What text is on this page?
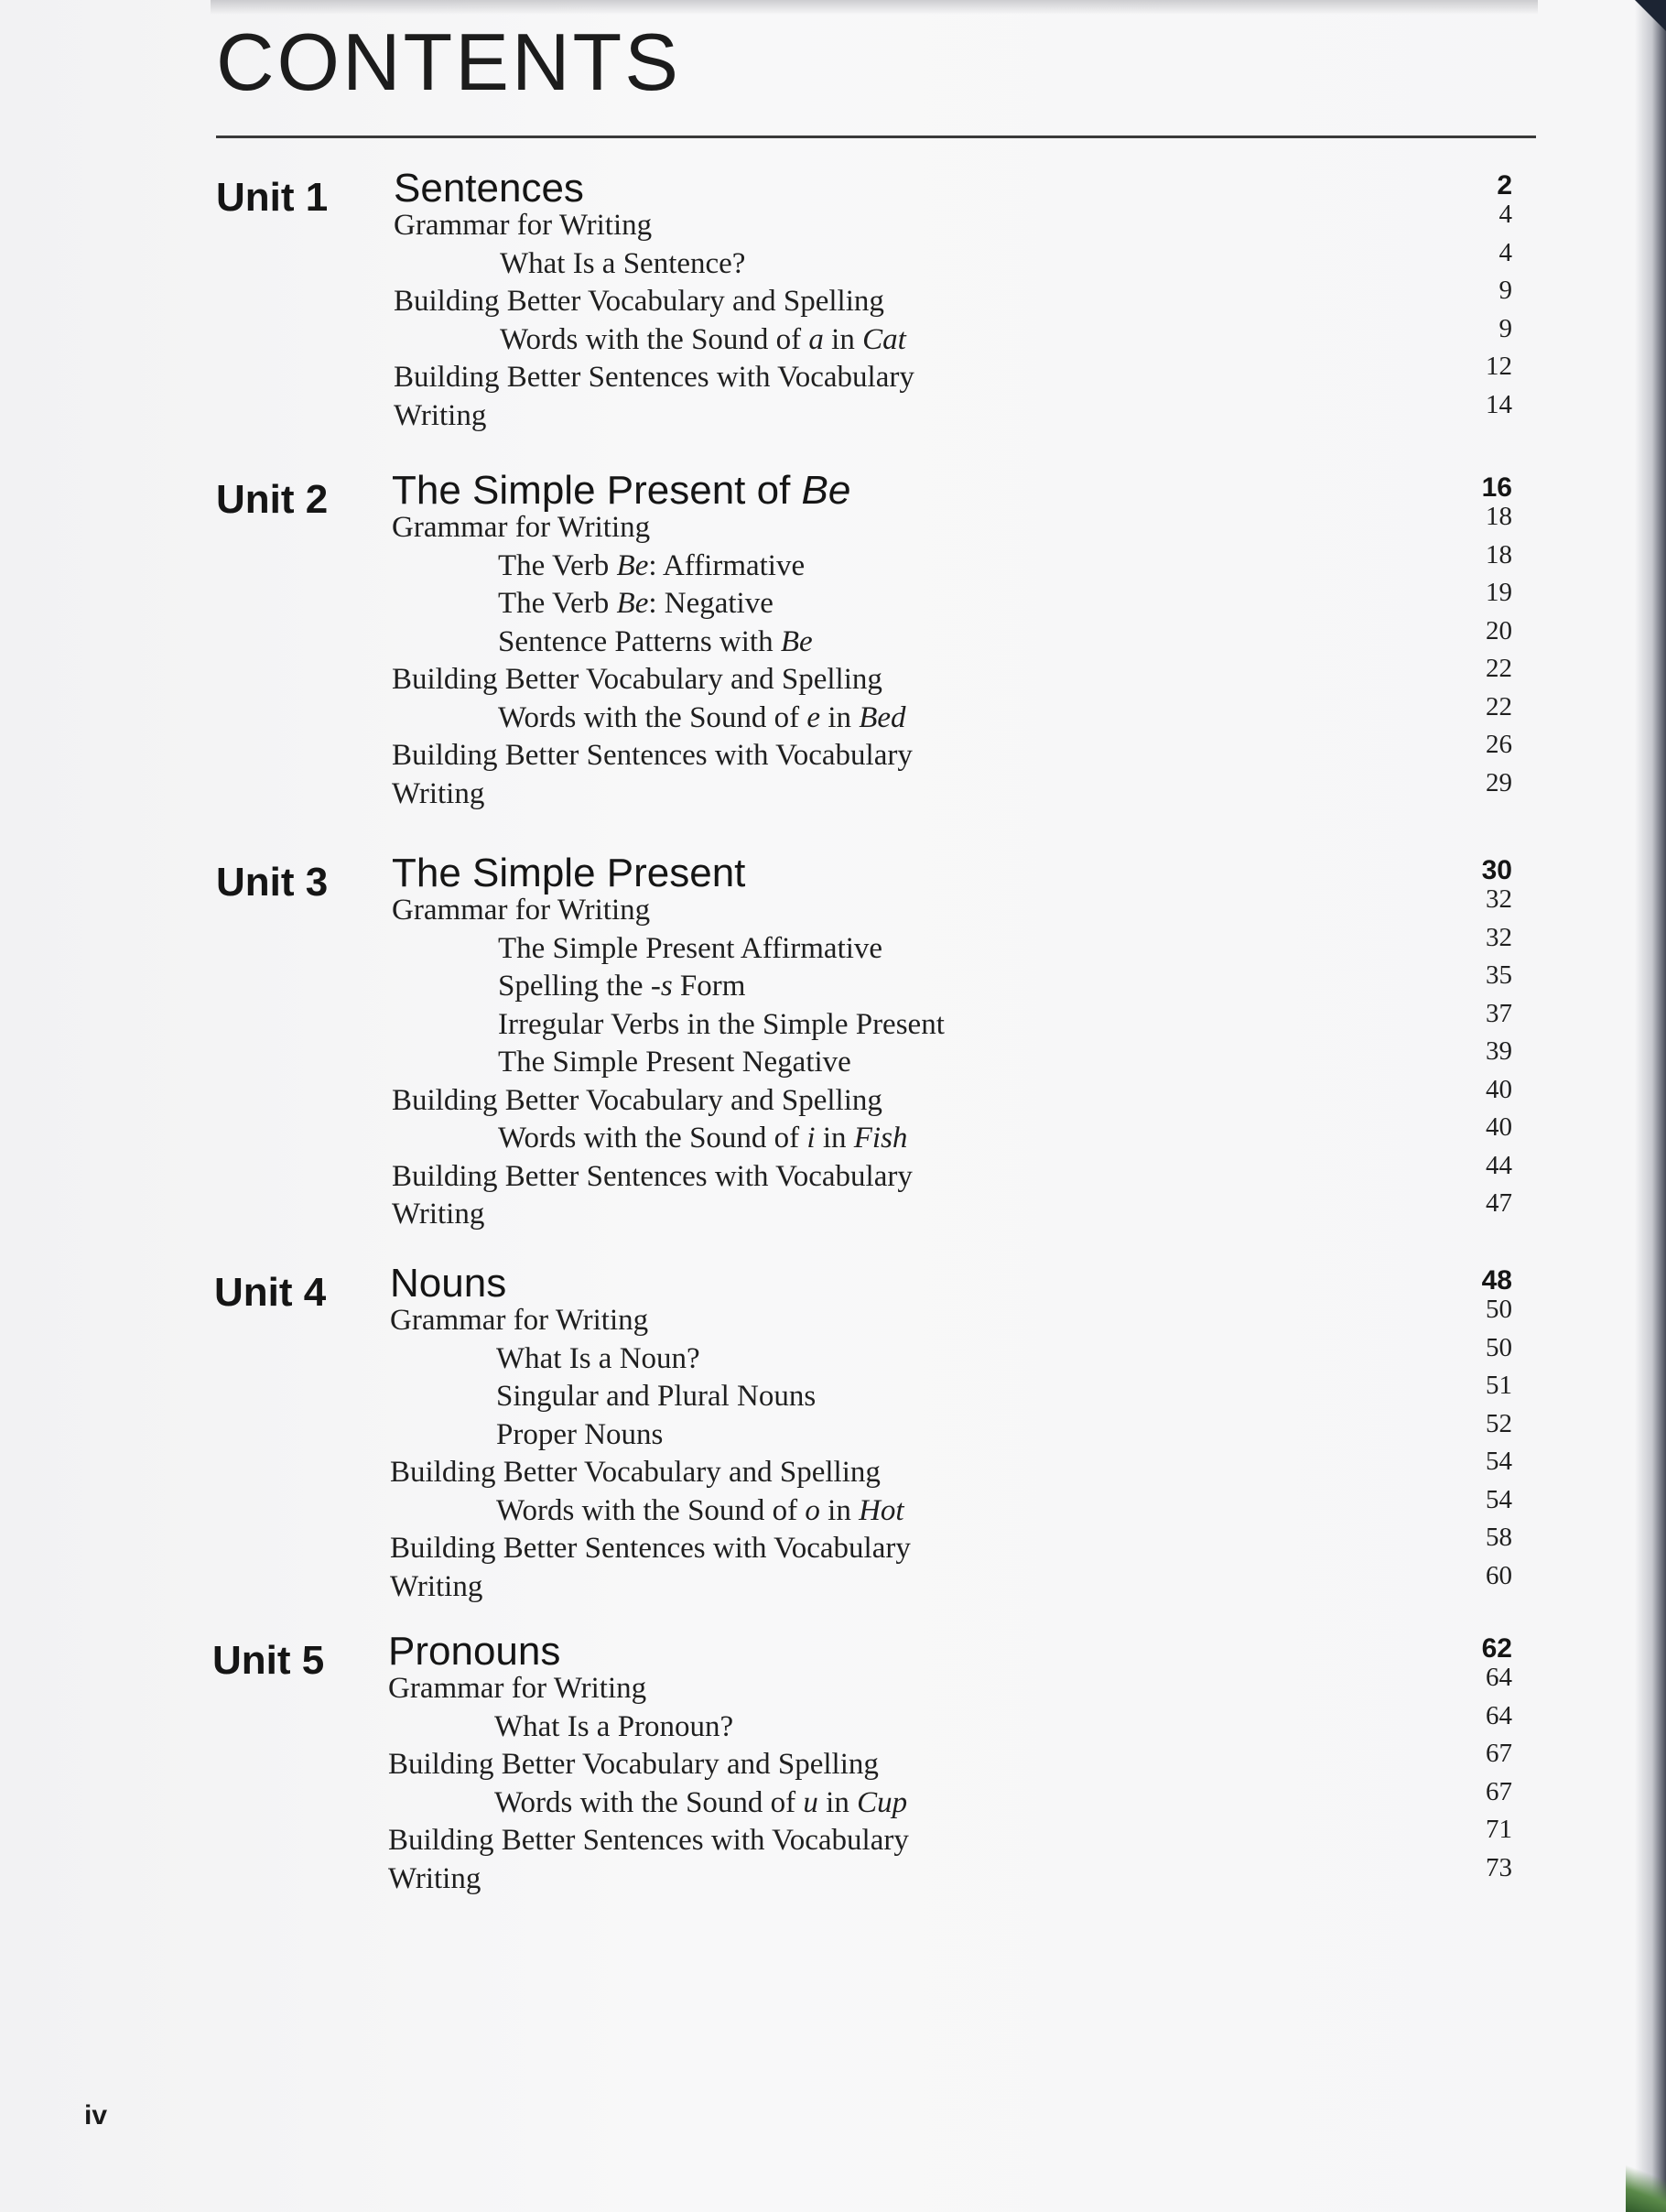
CONTENTS
Unit 1 Sentences	2
Grammar for Writing	4
What Is a Sentence?	4
Building Better Vocabulary and Spelling	9
Words with the Sound of a in Cat	9
Building Better Sentences with Vocabulary	12
Writing	14
Unit 2 The Simple Present of Be	16
Grammar for Writing	18
The Verb Be: Affirmative	18
The Verb Be: Negative	19
Sentence Patterns with Be	20
Building Better Vocabulary and Spelling	22
Words with the Sound of e in Bed	22
Building Better Sentences with Vocabulary	26
Writing	29
Unit 3 The Simple Present	30
Grammar for Writing	32
The Simple Present Affirmative	32
Spelling the -s Form	35
Irregular Verbs in the Simple Present	37
The Simple Present Negative	39
Building Better Vocabulary and Spelling	40
Words with the Sound of i in Fish	40
Building Better Sentences with Vocabulary	44
Writing	47
Unit 4 Nouns	48
Grammar for Writing	50
What Is a Noun?	50
Singular and Plural Nouns	51
Proper Nouns	52
Building Better Vocabulary and Spelling	54
Words with the Sound of o in Hot	54
Building Better Sentences with Vocabulary	58
Writing	60
Unit 5 Pronouns	62
Grammar for Writing	64
What Is a Pronoun?	64
Building Better Vocabulary and Spelling	67
Words with the Sound of u in Cup	67
Building Better Sentences with Vocabulary	71
Writing	73
iv
